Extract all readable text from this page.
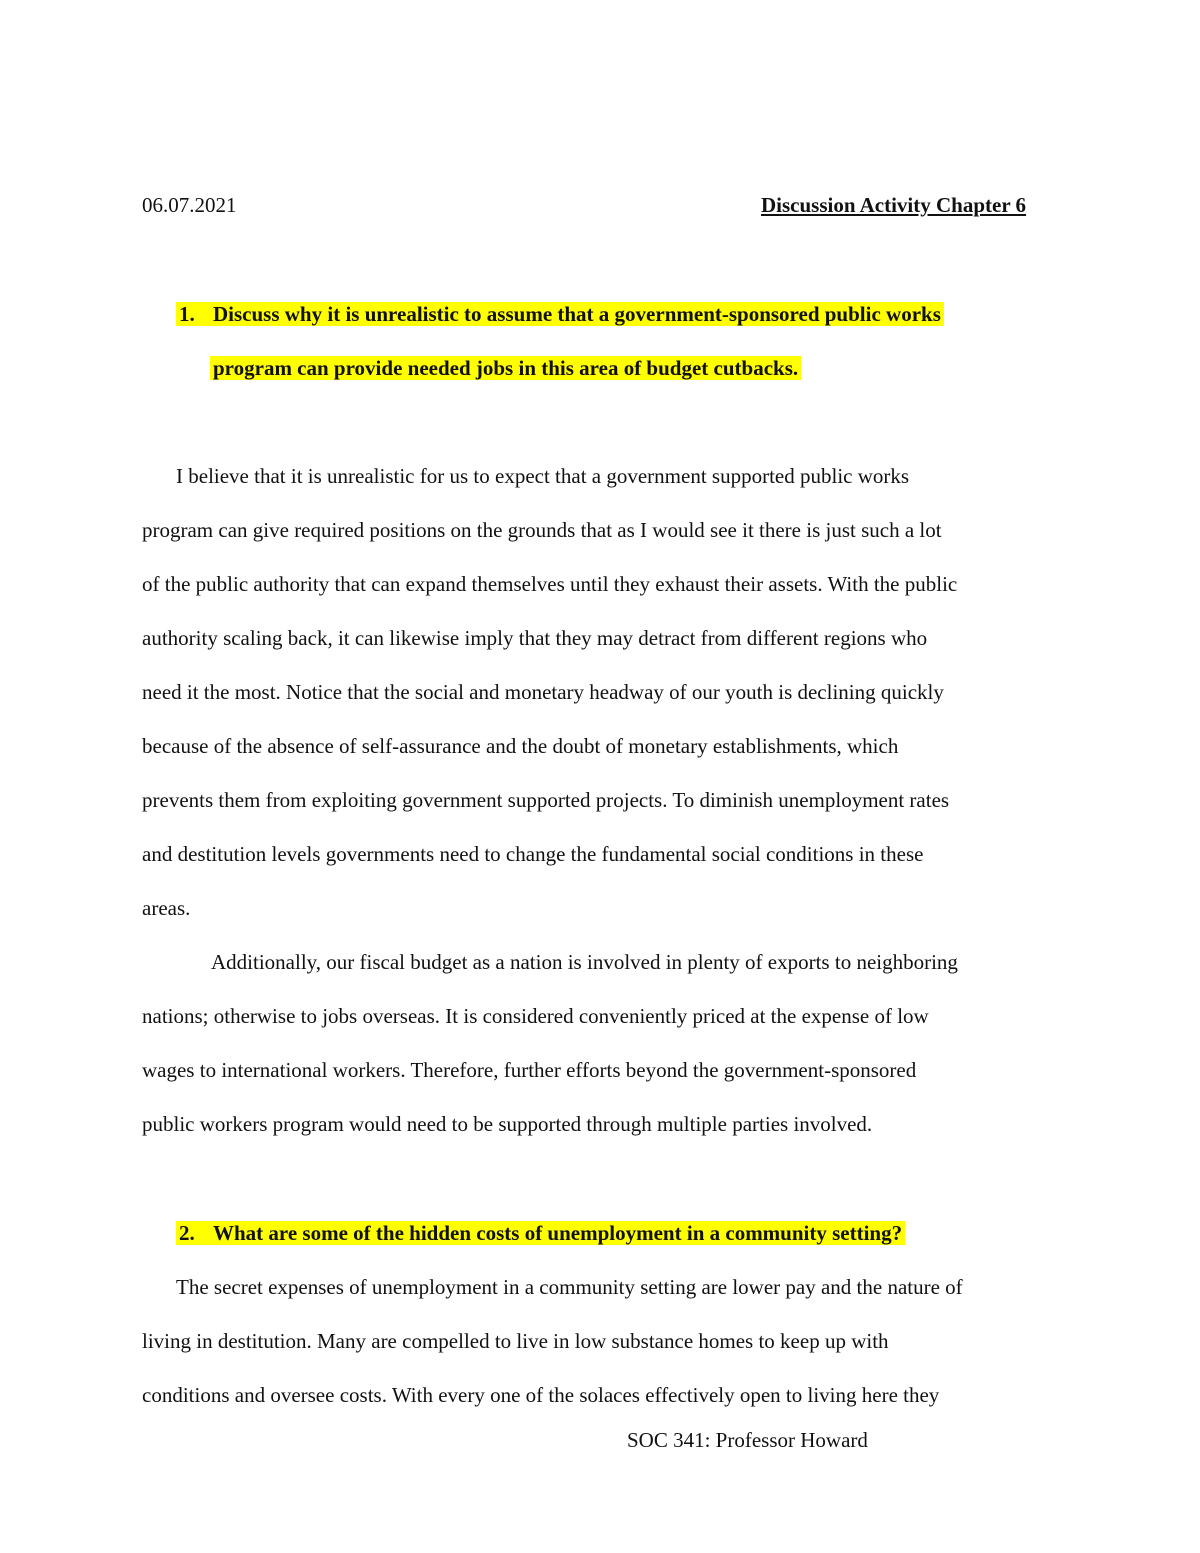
06.07.2021	Discussion Activity Chapter 6
1. Discuss why it is unrealistic to assume that a government-sponsored public works
program can provide needed jobs in this area of budget cutbacks.
I believe that it is unrealistic for us to expect that a government supported public works
program can give required positions on the grounds that as I would see it there is just such a lot
of the public authority that can expand themselves until they exhaust their assets. With the public
authority scaling back, it can likewise imply that they may detract from different regions who
need it the most. Notice that the social and monetary headway of our youth is declining quickly
because of the absence of self-assurance and the doubt of monetary establishments, which
prevents them from exploiting government supported projects. To diminish unemployment rates
and destitution levels governments need to change the fundamental social conditions in these
areas.
Additionally, our fiscal budget as a nation is involved in plenty of exports to neighboring
nations; otherwise to jobs overseas. It is considered conveniently priced at the expense of low
wages to international workers. Therefore, further efforts beyond the government-sponsored
public workers program would need to be supported through multiple parties involved.
2. What are some of the hidden costs of unemployment in a community setting?
The secret expenses of unemployment in a community setting are lower pay and the nature of
living in destitution. Many are compelled to live in low substance homes to keep up with
conditions and oversee costs. With every one of the solaces effectively open to living here they
SOC 341: Professor Howard
